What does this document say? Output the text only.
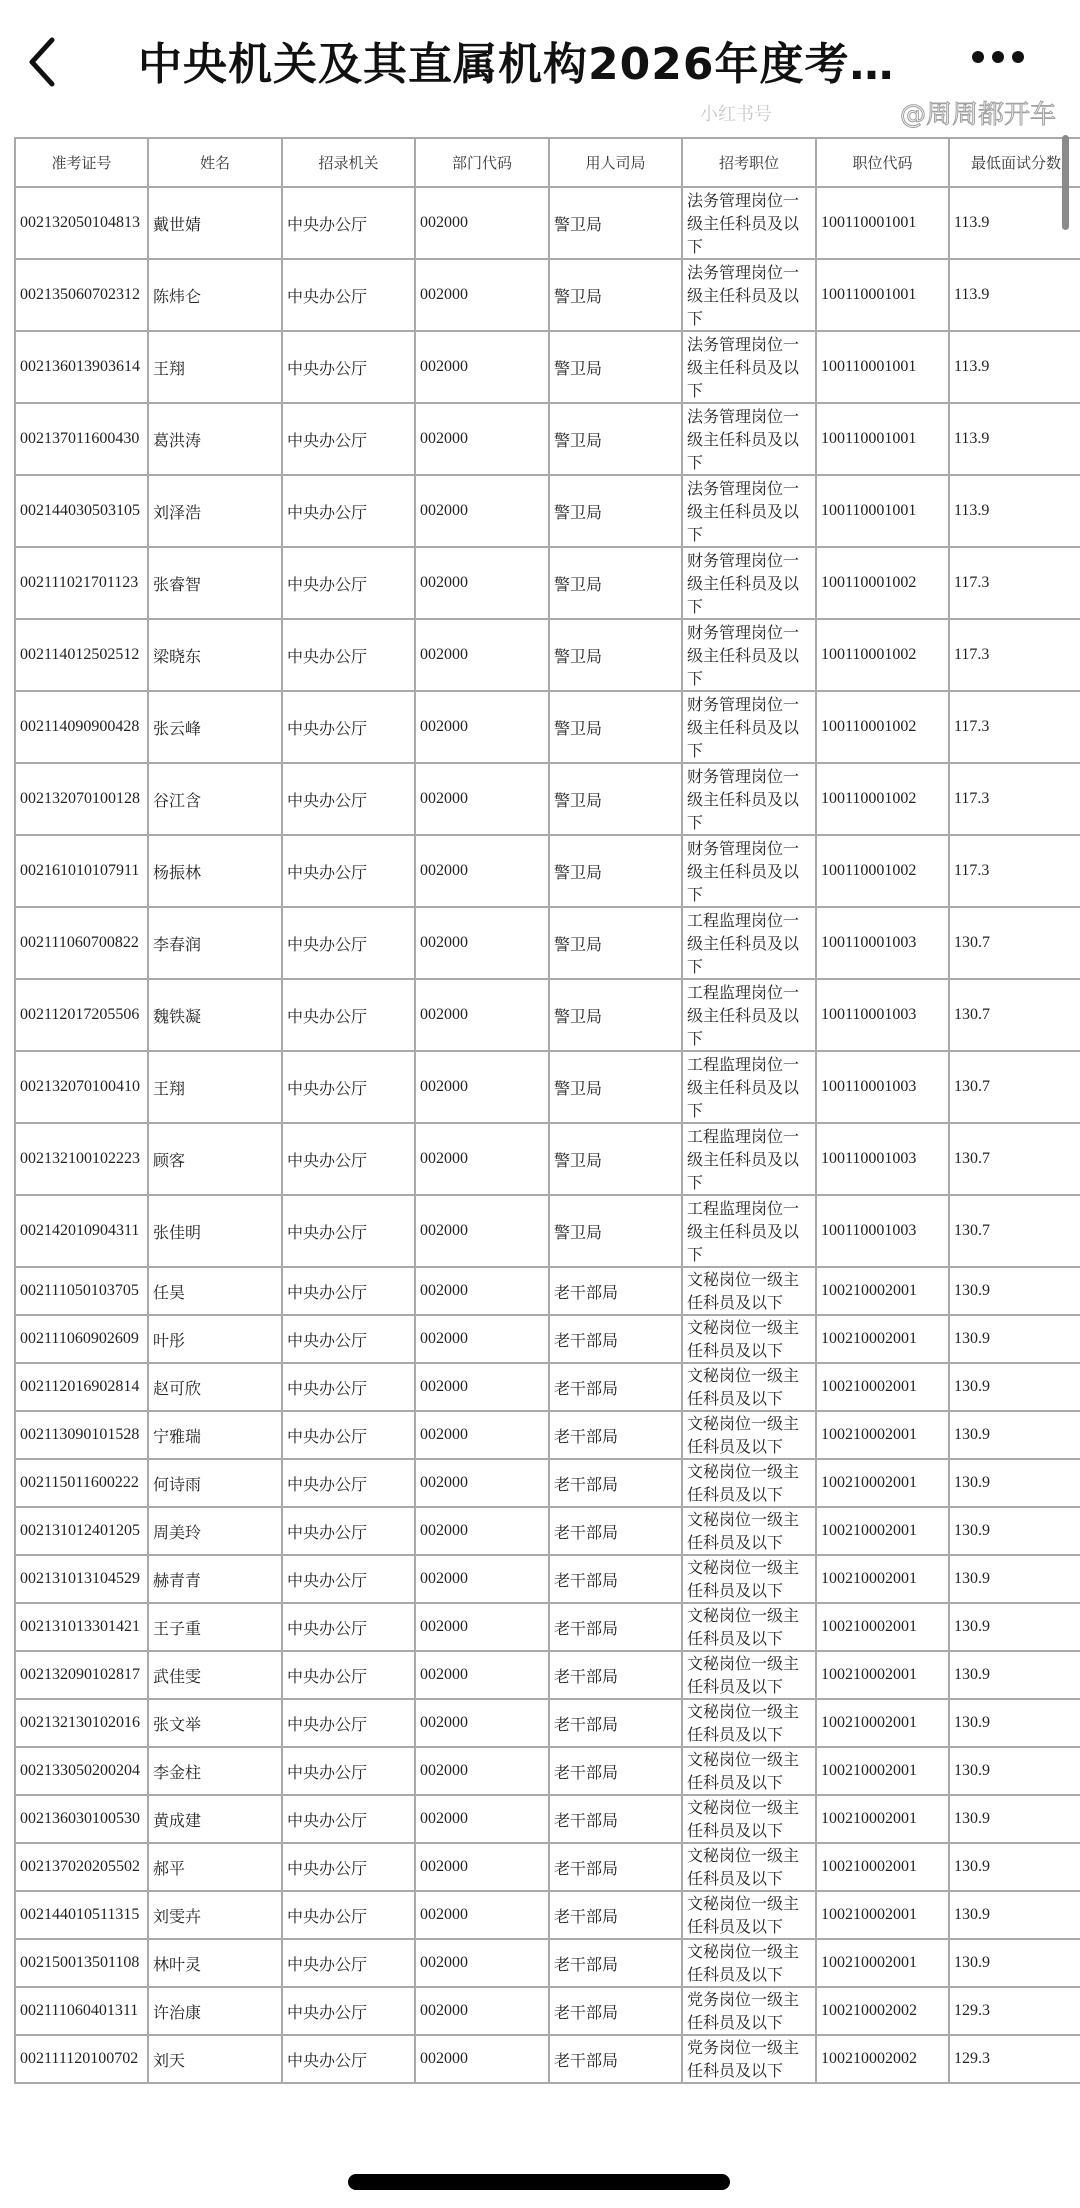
中央机关及其直属机构2026年度考…
小红书号	@周周都开车
准考证号	姓名	招录机关	部门代码	用人司局	招考职位	职位代码	最低面试分数
002132050104813	戴世婧	中央办公厅	002000	警卫局	法务管理岗位一级主任科员及以下	100110001001	113.9
002135060702312	陈炜仑	中央办公厅	002000	警卫局	法务管理岗位一级主任科员及以下	100110001001	113.9
002136013903614	王翔	中央办公厅	002000	警卫局	法务管理岗位一级主任科员及以下	100110001001	113.9
002137011600430	葛洪涛	中央办公厅	002000	警卫局	法务管理岗位一级主任科员及以下	100110001001	113.9
002144030503105	刘泽浩	中央办公厅	002000	警卫局	法务管理岗位一级主任科员及以下	100110001001	113.9
002111021701123	张睿智	中央办公厅	002000	警卫局	财务管理岗位一级主任科员及以下	100110001002	117.3
002114012502512	梁晓东	中央办公厅	002000	警卫局	财务管理岗位一级主任科员及以下	100110001002	117.3
002114090900428	张云峰	中央办公厅	002000	警卫局	财务管理岗位一级主任科员及以下	100110001002	117.3
002132070100128	谷江含	中央办公厅	002000	警卫局	财务管理岗位一级主任科员及以下	100110001002	117.3
002161010107911	杨振林	中央办公厅	002000	警卫局	财务管理岗位一级主任科员及以下	100110001002	117.3
002111060700822	李春润	中央办公厅	002000	警卫局	工程监理岗位一级主任科员及以下	100110001003	130.7
002112017205506	魏铁凝	中央办公厅	002000	警卫局	工程监理岗位一级主任科员及以下	100110001003	130.7
002132070100410	王翔	中央办公厅	002000	警卫局	工程监理岗位一级主任科员及以下	100110001003	130.7
002132100102223	顾客	中央办公厅	002000	警卫局	工程监理岗位一级主任科员及以下	100110001003	130.7
002142010904311	张佳明	中央办公厅	002000	警卫局	工程监理岗位一级主任科员及以下	100110001003	130.7
002111050103705	任昊	中央办公厅	002000	老干部局	文秘岗位一级主任科员及以下	100210002001	130.9
002111060902609	叶彤	中央办公厅	002000	老干部局	文秘岗位一级主任科员及以下	100210002001	130.9
002112016902814	赵可欣	中央办公厅	002000	老干部局	文秘岗位一级主任科员及以下	100210002001	130.9
002113090101528	宁雅瑞	中央办公厅	002000	老干部局	文秘岗位一级主任科员及以下	100210002001	130.9
002115011600222	何诗雨	中央办公厅	002000	老干部局	文秘岗位一级主任科员及以下	100210002001	130.9
002131012401205	周美玲	中央办公厅	002000	老干部局	文秘岗位一级主任科员及以下	100210002001	130.9
002131013104529	赫青青	中央办公厅	002000	老干部局	文秘岗位一级主任科员及以下	100210002001	130.9
002131013301421	王子重	中央办公厅	002000	老干部局	文秘岗位一级主任科员及以下	100210002001	130.9
002132090102817	武佳雯	中央办公厅	002000	老干部局	文秘岗位一级主任科员及以下	100210002001	130.9
002132130102016	张文举	中央办公厅	002000	老干部局	文秘岗位一级主任科员及以下	100210002001	130.9
002133050200204	李金柱	中央办公厅	002000	老干部局	文秘岗位一级主任科员及以下	100210002001	130.9
002136030100530	黄成建	中央办公厅	002000	老干部局	文秘岗位一级主任科员及以下	100210002001	130.9
002137020205502	郝平	中央办公厅	002000	老干部局	文秘岗位一级主任科员及以下	100210002001	130.9
002144010511315	刘雯卉	中央办公厅	002000	老干部局	文秘岗位一级主任科员及以下	100210002001	130.9
002150013501108	林叶灵	中央办公厅	002000	老干部局	文秘岗位一级主任科员及以下	100210002001	130.9
002111060401311	许治康	中央办公厅	002000	老干部局	党务岗位一级主任科员及以下	100210002002	129.3
002111120100702	刘天	中央办公厅	002000	老干部局	党务岗位一级主任科员及以下	100210002002	129.3
